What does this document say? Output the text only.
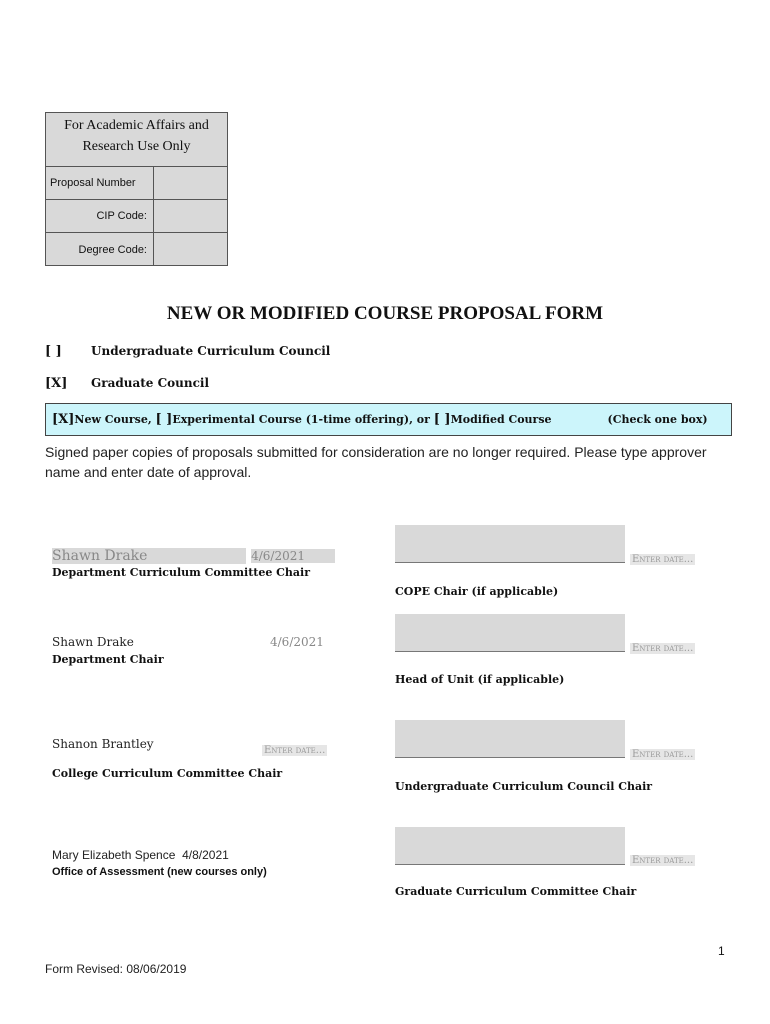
For Academic Affairs and Research Use Only
Proposal Number
CIP Code:
Degree Code:
NEW OR MODIFIED COURSE PROPOSAL FORM
[ ] Undergraduate Curriculum Council
[X] Graduate Council
[X] New Course,
[ ] Experimental Course (1-time offering),
or
[ ] Modified Course	(Check one box)
Signed paper copies of proposals submitted for consideration are no longer required. Please type approver name and enter date of approval.
Shawn Drake	4/6/2021
Department Curriculum Committee Chair
Shawn Drake	4/6/2021
Department Chair
Shanon Brantley	Enter date...
College Curriculum Committee Chair
Mary Elizabeth Spence 4/8/2021
Office of Assessment (new courses only)
Enter date...
COPE Chair (if applicable)
Enter date...
Head of Unit (if applicable)
Enter date...
Undergraduate Curriculum Council Chair
Enter date...
Graduate Curriculum Committee Chair
1
Form Revised: 08/06/2019
